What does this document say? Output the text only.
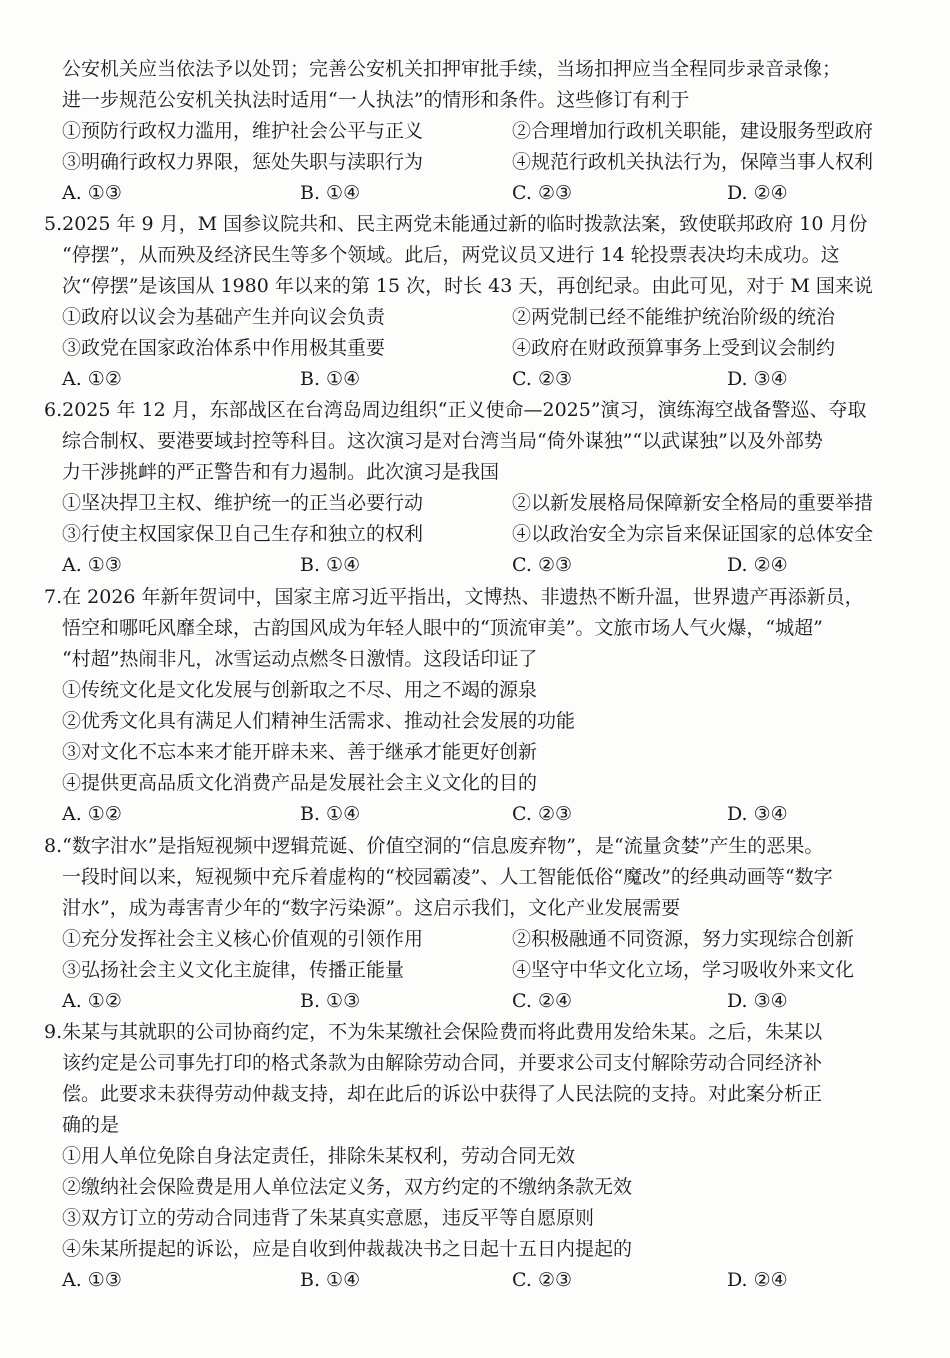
公安机关应当依法予以处罚；完善公安机关扣押审批手续，当场扣押应当全程同步录音录像；
进一步规范公安机关执法时适用“一人执法”的情形和条件。这些修订有利于
①预防行政权力滥用，维护社会公平与正义	②合理增加行政机关职能，建设服务型政府
③明确行政权力界限，惩处失职与渎职行为	④规范行政机关执法行为，保障当事人权利
A. ①③	B. ①④	C. ②③	D. ②④
5.2025 年 9 月，M 国参议院共和、民主两党未能通过新的临时拨款法案，致使联邦政府 10 月份
“停摆”，从而殃及经济民生等多个领域。此后，两党议员又进行 14 轮投票表决均未成功。这
次“停摆”是该国从 1980 年以来的第 15 次，时长 43 天，再创纪录。由此可见，对于 M 国来说
①政府以议会为基础产生并向议会负责	②两党制已经不能维护统治阶级的统治
③政党在国家政治体系中作用极其重要	④政府在财政预算事务上受到议会制约
A. ①②	B. ①④	C. ②③	D. ③④
6.2025 年 12 月，东部战区在台湾岛周边组织“正义使命—2025”演习，演练海空战备警巡、夺取
综合制权、要港要域封控等科目。这次演习是对台湾当局“倚外谋独”“以武谋独”以及外部势
力干涉挑衅的严正警告和有力遏制。此次演习是我国
①坚决捍卫主权、维护统一的正当必要行动	②以新发展格局保障新安全格局的重要举措
③行使主权国家保卫自己生存和独立的权利	④以政治安全为宗旨来保证国家的总体安全
A. ①③	B. ①④	C. ②③	D. ②④
7.在 2026 年新年贺词中，国家主席习近平指出，文博热、非遗热不断升温，世界遗产再添新员，
悟空和哪吒风靡全球，古韵国风成为年轻人眼中的“顶流审美”。文旅市场人气火爆，“城超”
“村超”热闹非凡，冰雪运动点燃冬日激情。这段话印证了
①传统文化是文化发展与创新取之不尽、用之不竭的源泉
②优秀文化具有满足人们精神生活需求、推动社会发展的功能
③对文化不忘本来才能开辟未来、善于继承才能更好创新
④提供更高品质文化消费产品是发展社会主义文化的目的
A. ①②	B. ①④	C. ②③	D. ③④
8.“数字泔水”是指短视频中逻辑荒诞、价值空洞的“信息废弃物”，是“流量贪婪”产生的恶果。
一段时间以来，短视频中充斥着虚构的“校园霸凌”、人工智能低俗“魔改”的经典动画等“数字
泔水”，成为毒害青少年的“数字污染源”。这启示我们，文化产业发展需要
①充分发挥社会主义核心价值观的引领作用	②积极融通不同资源，努力实现综合创新
③弘扬社会主义文化主旋律，传播正能量	④坚守中华文化立场，学习吸收外来文化
A. ①②	B. ①③	C. ②④	D. ③④
9.朱某与其就职的公司协商约定，不为朱某缴社会保险费而将此费用发给朱某。之后，朱某以
该约定是公司事先打印的格式条款为由解除劳动合同，并要求公司支付解除劳动合同经济补
偿。此要求未获得劳动仲裁支持，却在此后的诉讼中获得了人民法院的支持。对此案分析正
确的是
①用人单位免除自身法定责任，排除朱某权利，劳动合同无效
②缴纳社会保险费是用人单位法定义务，双方约定的不缴纳条款无效
③双方订立的劳动合同违背了朱某真实意愿，违反平等自愿原则
④朱某所提起的诉讼，应是自收到仲裁裁决书之日起十五日内提起的
A. ①③	B. ①④	C. ②③	D. ②④
